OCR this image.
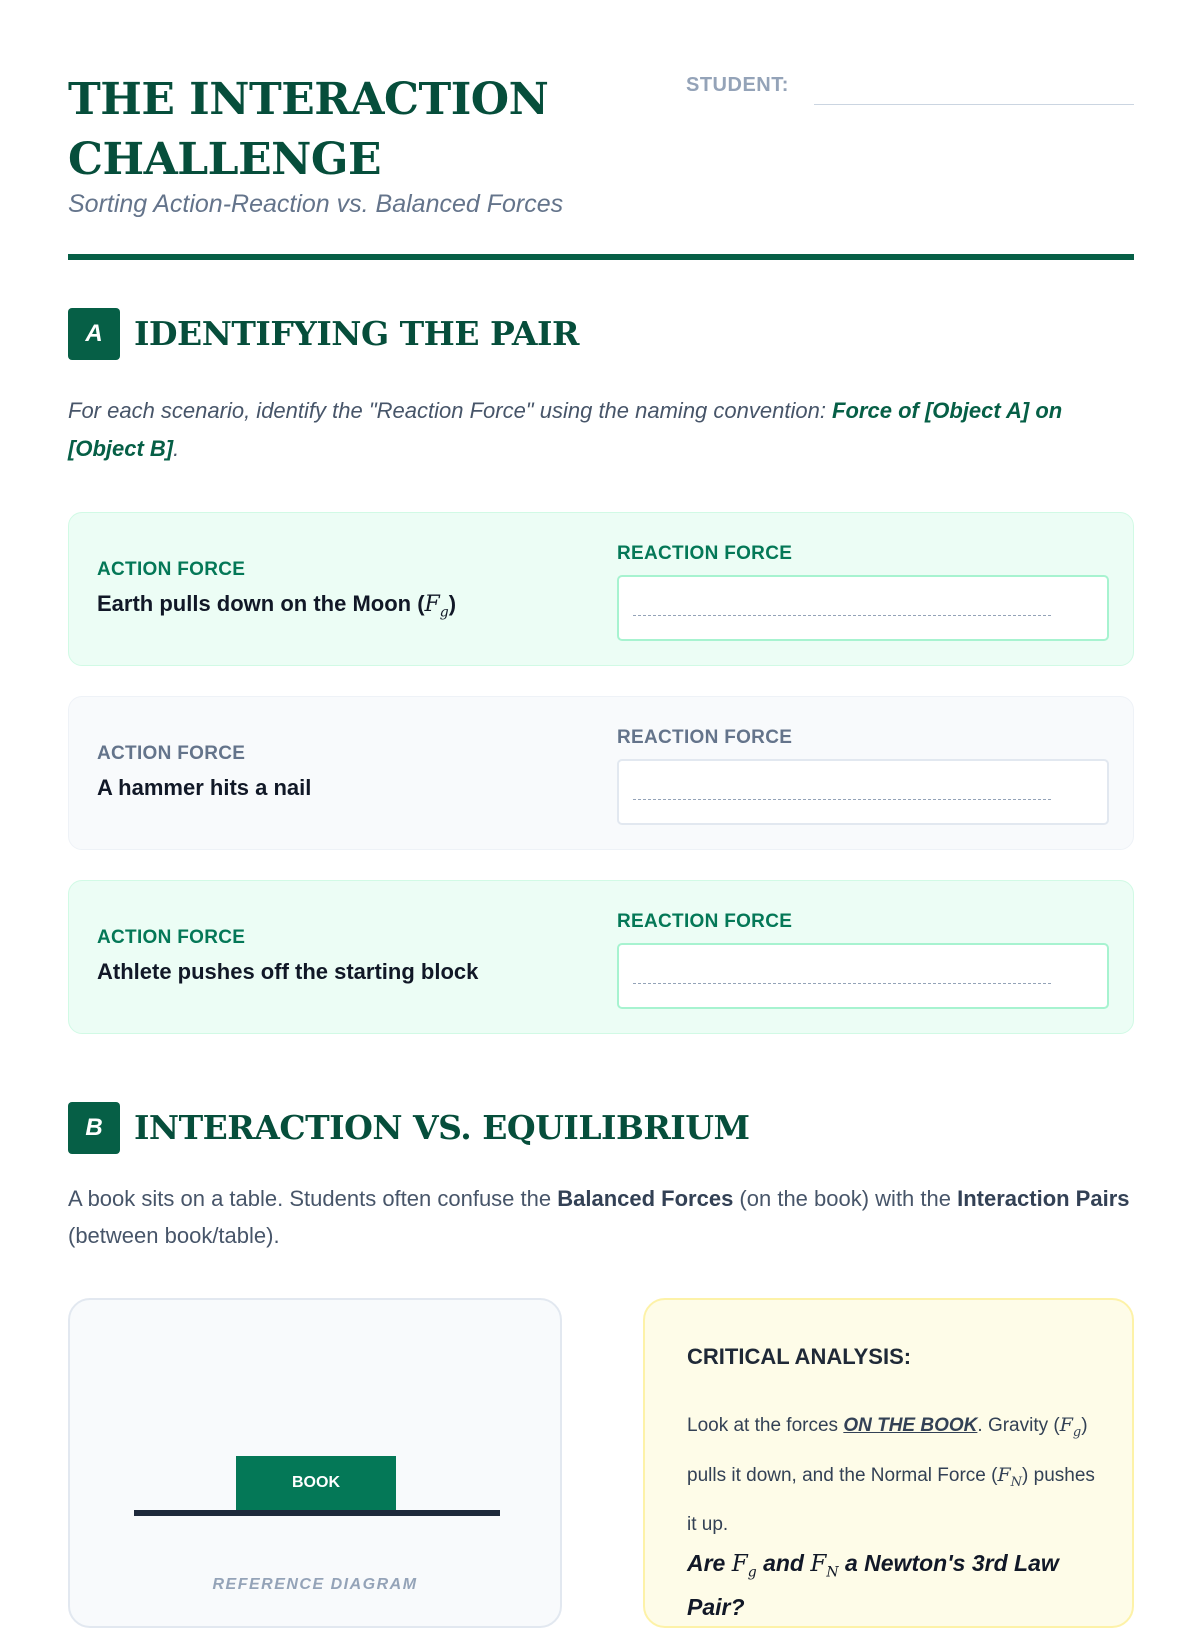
THE INTERACTION CHALLENGE
Sorting Action-Reaction vs. Balanced Forces
STUDENT:
A IDENTIFYING THE PAIR
For each scenario, identify the "Reaction Force" using the naming convention: Force of [Object A] on [Object B].
ACTION FORCE
Earth pulls down on the Moon $(F_g)$
REACTION FORCE
ACTION FORCE
A hammer hits a nail
REACTION FORCE
ACTION FORCE
Athlete pushes off the starting block
REACTION FORCE
B INTERACTION VS. EQUILIBRIUM
A book sits on a table. Students often confuse the Balanced Forces (on the book) with the Interaction Pairs (between book/table).
BOOK
REFERENCE DIAGRAM
CRITICAL ANALYSIS:
Look at the forces ON THE BOOK. Gravity $(F_g)$ pulls it down, and the Normal Force $(F_N)$ pushes it up.
Are $F_g$ and $F_N$ a Newton's 3rd Law Pair?
